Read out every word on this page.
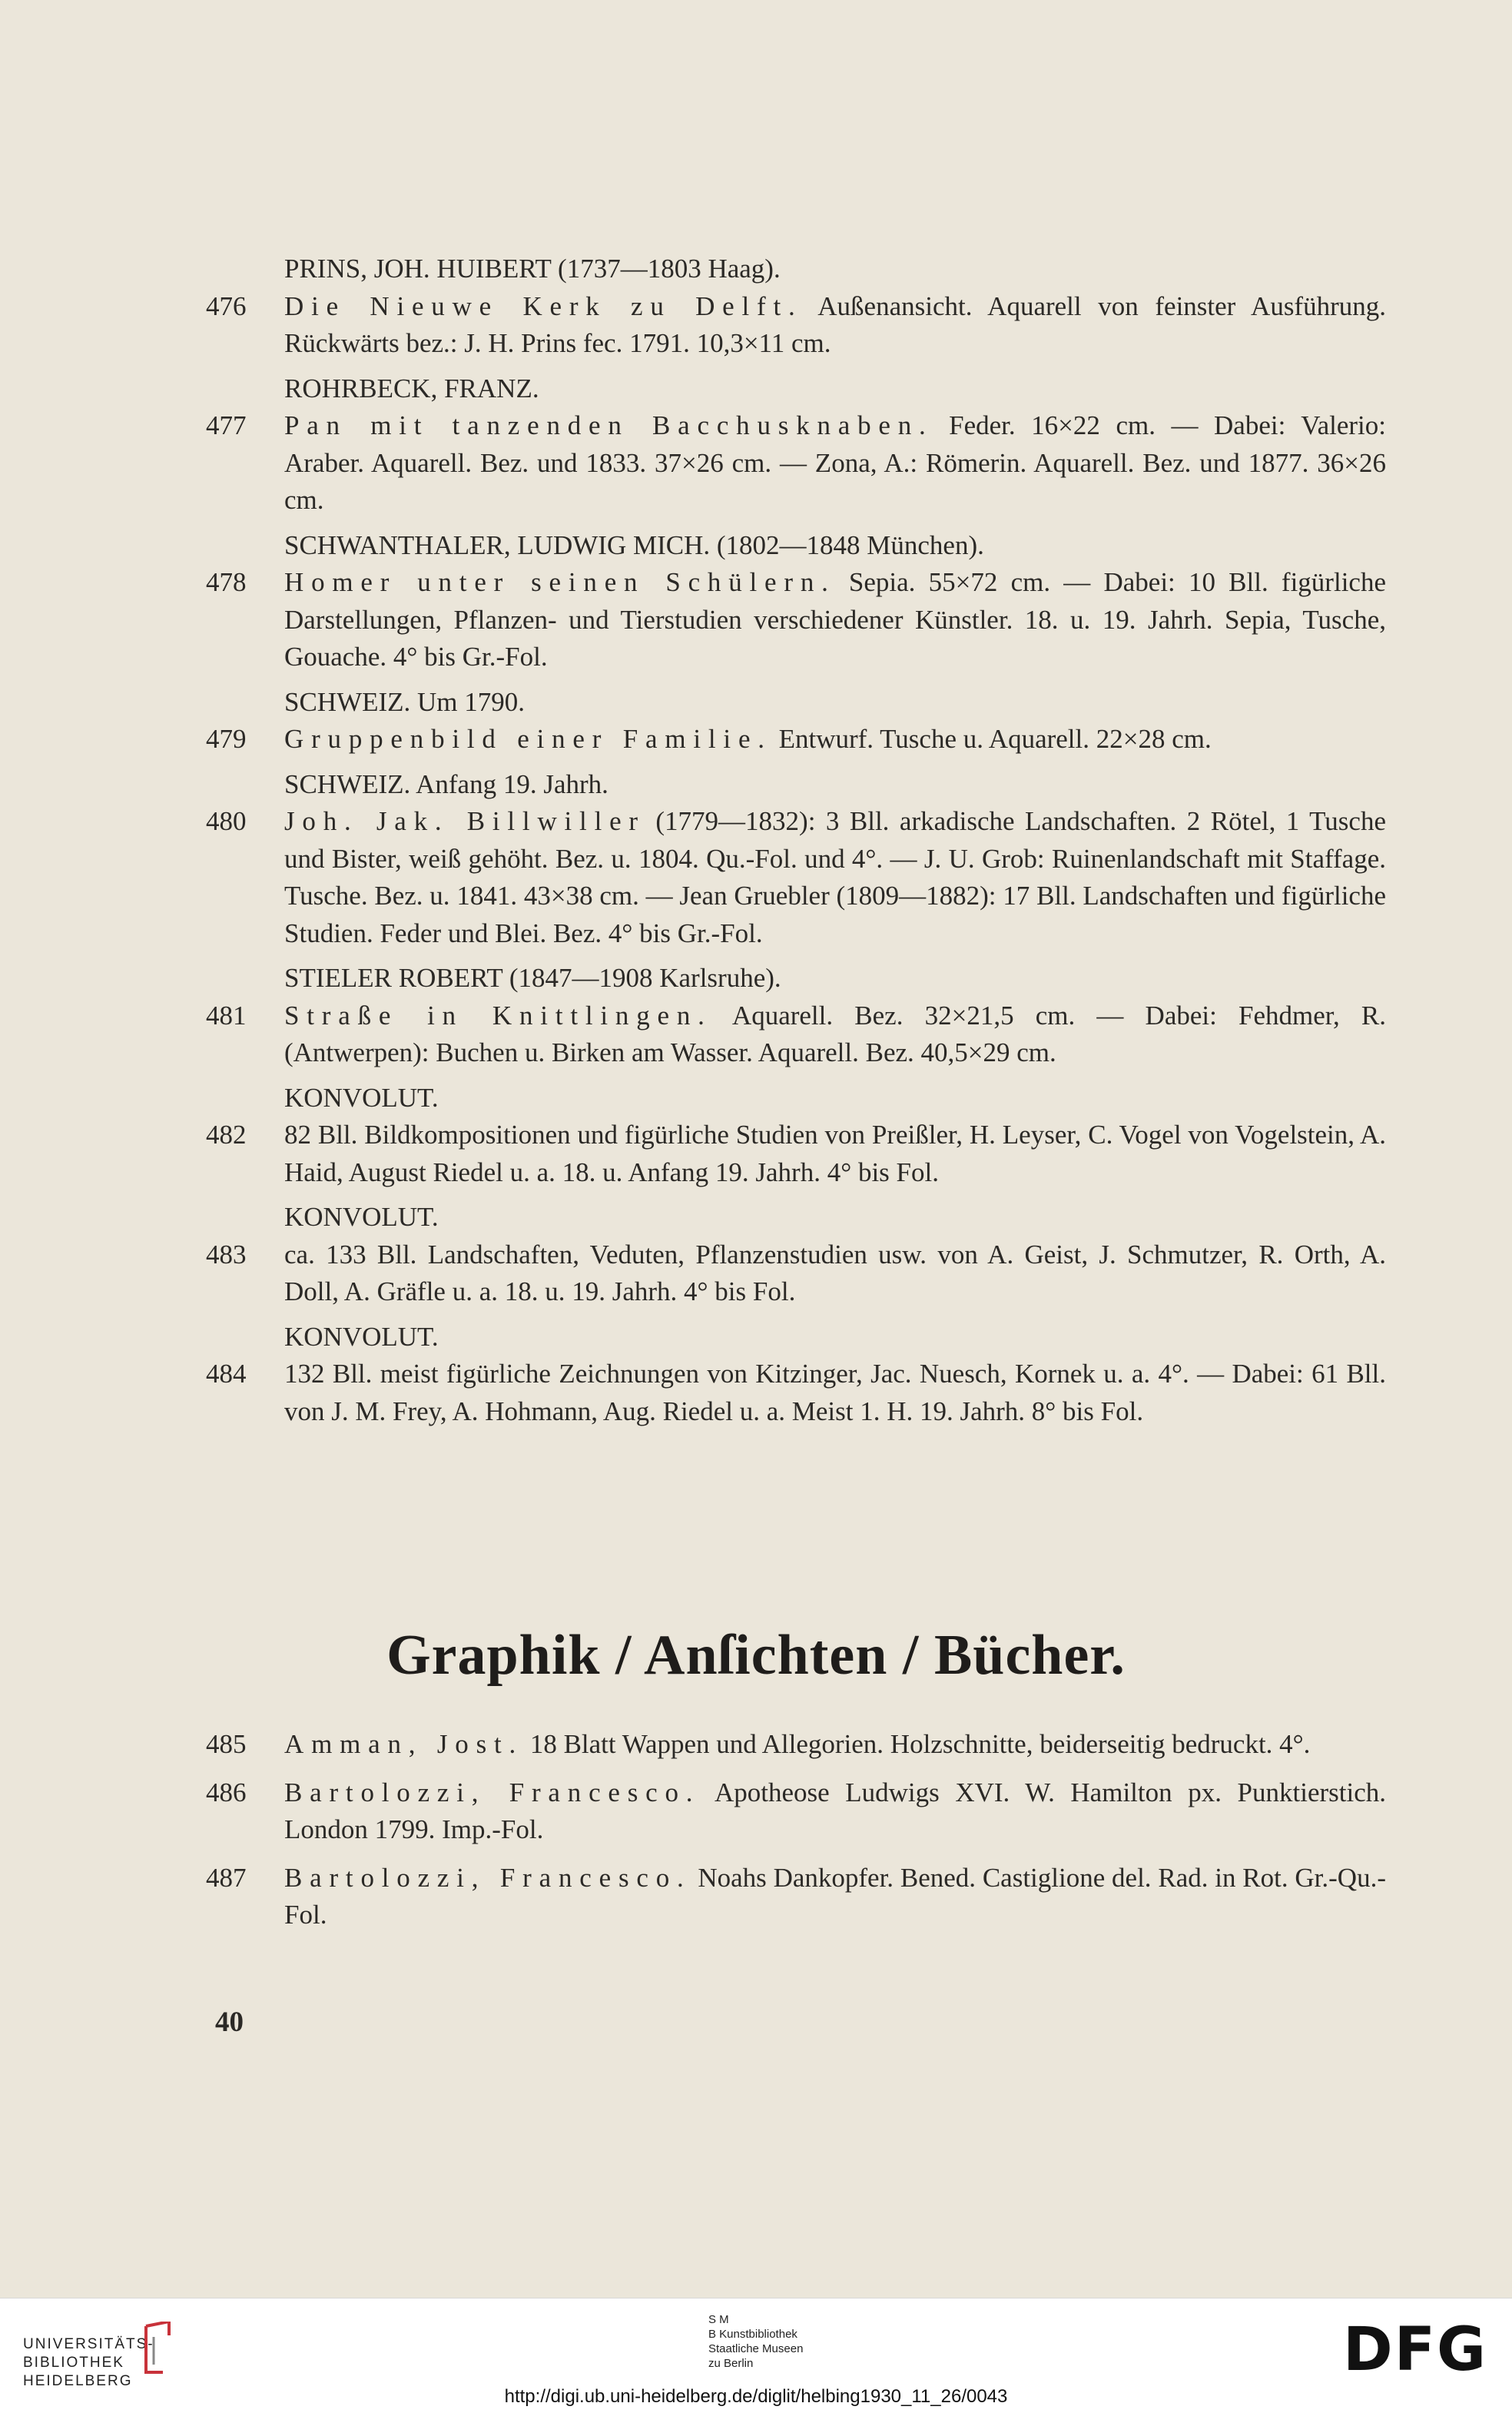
PRINS, JOH. HUIBERT (1737—1803 Haag).
476	Die Nieuwe Kerk zu Delft. Außenansicht. Aquarell von feinster Ausführung. Rückwärts bez.: J. H. Prins fec. 1791. 10,3×11 cm.
ROHRBECK, FRANZ.
477	Pan mit tanzenden Bacchusknaben. Feder. 16×22 cm. — Dabei: Valerio: Araber. Aquarell. Bez. und 1833. 37×26 cm. — Zona, A.: Römerin. Aquarell. Bez. und 1877. 36×26 cm.
SCHWANTHALER, LUDWIG MICH. (1802—1848 München).
478	Homer unter seinen Schülern. Sepia. 55×72 cm. — Dabei: 10 Bll. figürliche Darstellungen, Pflanzen- und Tierstudien verschiedener Künstler. 18. u. 19. Jahrh. Sepia, Tusche, Gouache. 4° bis Gr.-Fol.
SCHWEIZ. Um 1790.
479	Gruppenbild einer Familie. Entwurf. Tusche u. Aquarell. 22×28 cm.
SCHWEIZ. Anfang 19. Jahrh.
480	Joh. Jak. Billwiller (1779—1832): 3 Bll. arkadische Landschaften. 2 Rötel, 1 Tusche und Bister, weiß gehöht. Bez. u. 1804. Qu.-Fol. und 4°. — J. U. Grob: Ruinenlandschaft mit Staffage. Tusche. Bez. u. 1841. 43×38 cm. — Jean Gruebler (1809—1882): 17 Bll. Landschaften und figürliche Studien. Feder und Blei. Bez. 4° bis Gr.-Fol.
STIELER ROBERT (1847—1908 Karlsruhe).
481	Straße in Knittlingen. Aquarell. Bez. 32×21,5 cm. — Dabei: Fehdmer, R. (Antwerpen): Buchen u. Birken am Wasser. Aquarell. Bez. 40,5×29 cm.
KONVOLUT.
482	82 Bll. Bildkompositionen und figürliche Studien von Preißler, H. Leyser, C. Vogel von Vogelstein, A. Haid, August Riedel u. a. 18. u. Anfang 19. Jahrh. 4° bis Fol.
KONVOLUT.
483	ca. 133 Bll. Landschaften, Veduten, Pflanzenstudien usw. von A. Geist, J. Schmutzer, R. Orth, A. Doll, A. Gräfle u. a. 18. u. 19. Jahrh. 4° bis Fol.
KONVOLUT.
484	132 Bll. meist figürliche Zeichnungen von Kitzinger, Jac. Nuesch, Kornek u. a. 4°. — Dabei: 61 Bll. von J. M. Frey, A. Hohmann, Aug. Riedel u. a. Meist 1. H. 19. Jahrh. 8° bis Fol.
Graphik / Anſichten / Bücher.
485	Amman, Jost. 18 Blatt Wappen und Allegorien. Holzschnitte, beiderseitig bedruckt. 4°.
486	Bartolozzi, Francesco. Apotheose Ludwigs XVI. W. Hamilton px. Punktierstich. London 1799. Imp.-Fol.
487	Bartolozzi, Francesco. Noahs Dankopfer. Bened. Castiglione del. Rad. in Rot. Gr.-Qu.-Fol.
40
UNIVERSITÄTS-
BIBLIOTHEK
HEIDELBERG
S M
B Kunstbibliothek
Staatliche Museen
zu Berlin	DFG
http://digi.ub.uni-heidelberg.de/diglit/helbing1930_11_26/0043
